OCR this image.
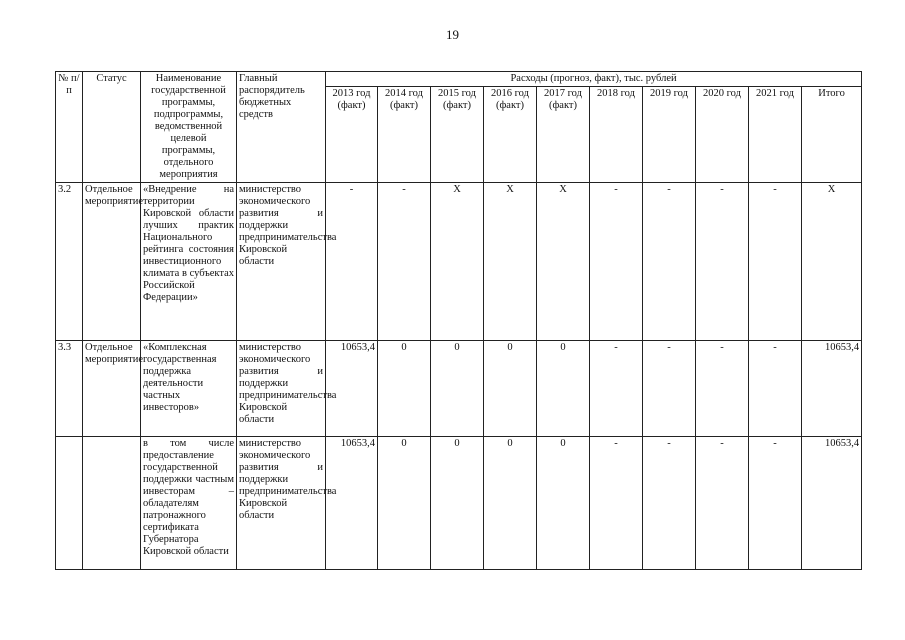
19
№ п/п	Статус	Наименование государственной программы, подпрограммы, ведомственной целевой программы, отдельного мероприятия	Главный распорядитель бюджетных средств	Расходы (прогноз, факт), тыс. рублей									
				2013 год (факт)	2014 год (факт)	2015 год (факт)	2016 год (факт)	2017 год (факт)	2018 год	2019 год	2020 год	2021 год	Итого
3.2	Отдельное мероприятие	«Внедрение на территории Кировской области лучших практик Национального рейтинга состояния инвестиционного климата в субъектах Российской Федерации»	министерство экономического развития и поддержки предпринимательства Кировской области	-	-	Х	Х	Х	-	-	-	-	Х
3.3	Отдельное мероприятие	«Комплексная государственная поддержка деятельности частных инвесторов»	министерство экономического развития и поддержки предпринимательства Кировской области	10653,4	0	0	0	0	-	-	-	-	10653,4
		в том числе предоставление государственной поддержки частным инвесторам – обладателям патронажного сертификата Губернатора Кировской области	министерство экономического развития и поддержки предпринимательства Кировской области	10653,4	0	0	0	0	-	-	-	-	10653,4
